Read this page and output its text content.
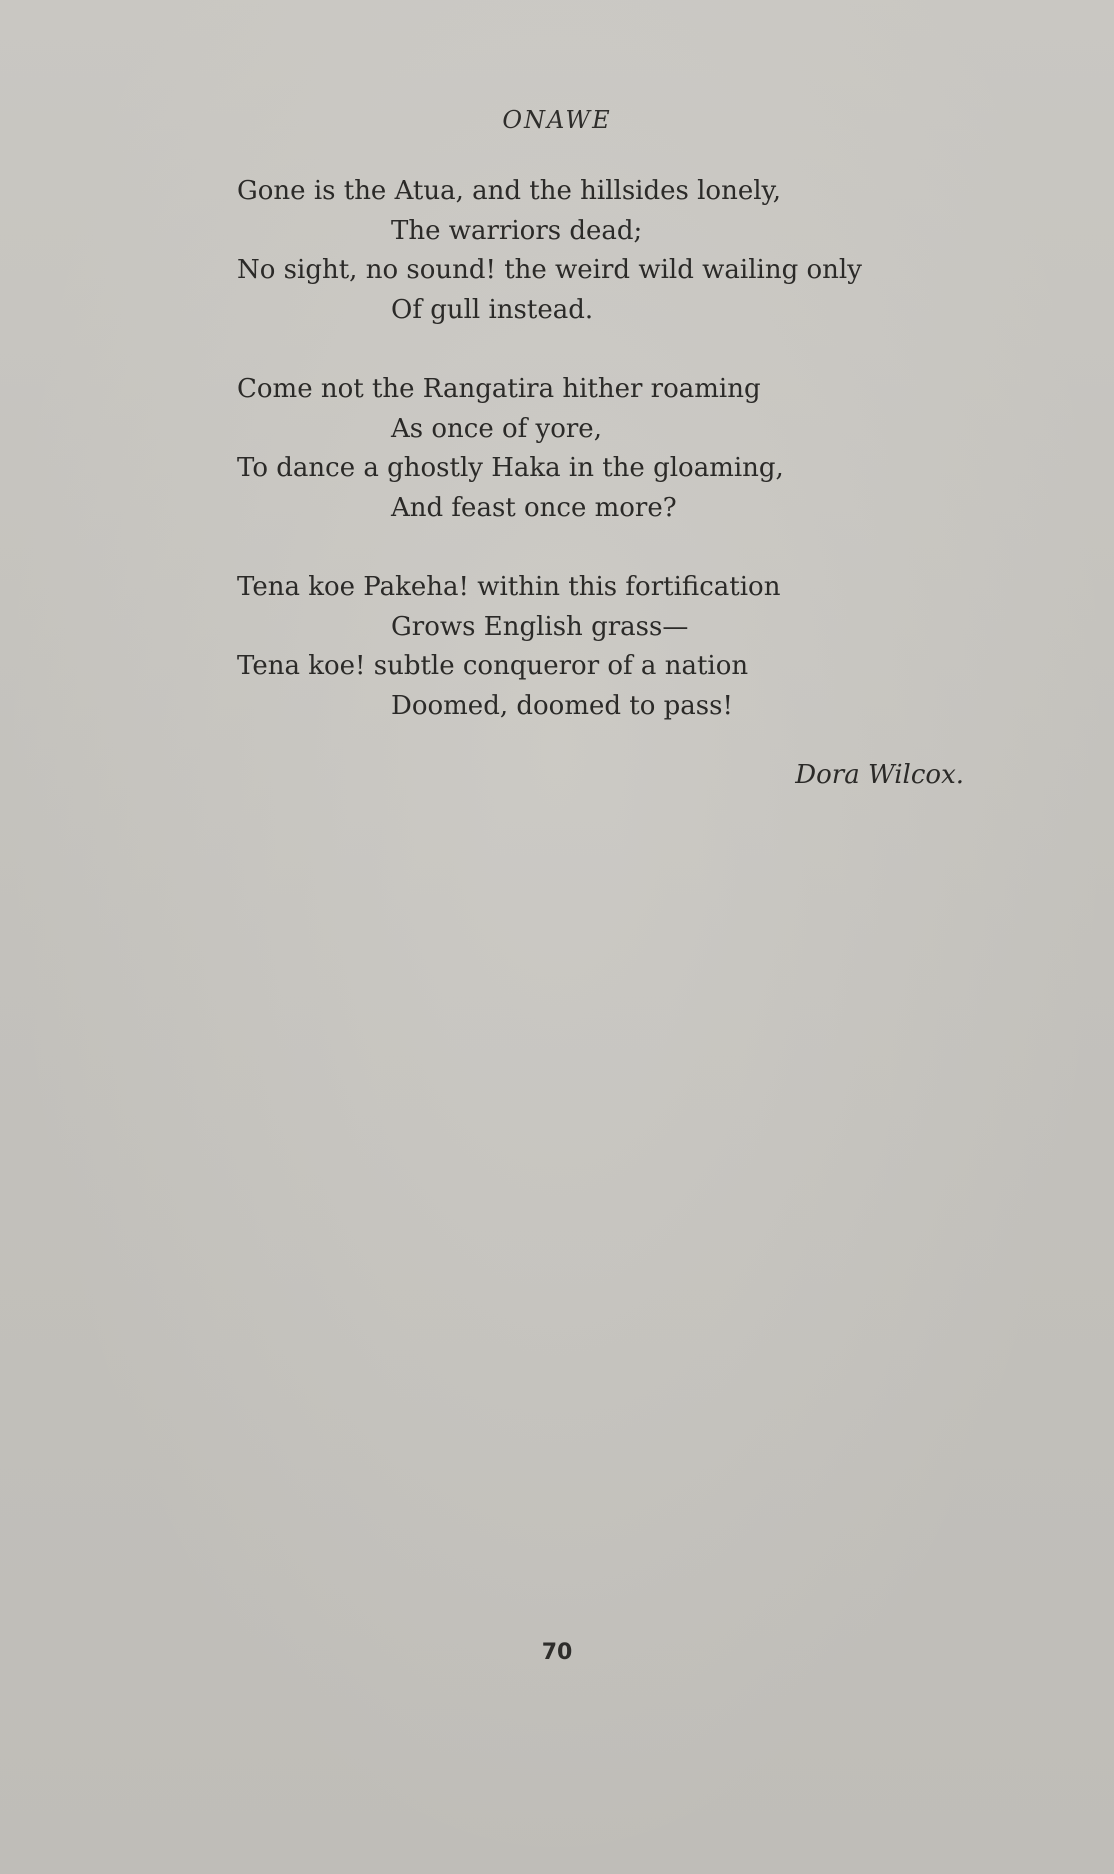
ONAWE
Gone is the Atua, and the hillsides lonely,
The warriors dead;
No sight, no sound! the weird wild wailing only
Of gull instead.
Come not the Rangatira hither roaming
As once of yore,
To dance a ghostly Haka in the gloaming,
And feast once more?
Tena koe Pakeha! within this fortification
Grows English grass—
Tena koe! subtle conqueror of a nation
Doomed, doomed to pass!
Dora Wilcox.
70
